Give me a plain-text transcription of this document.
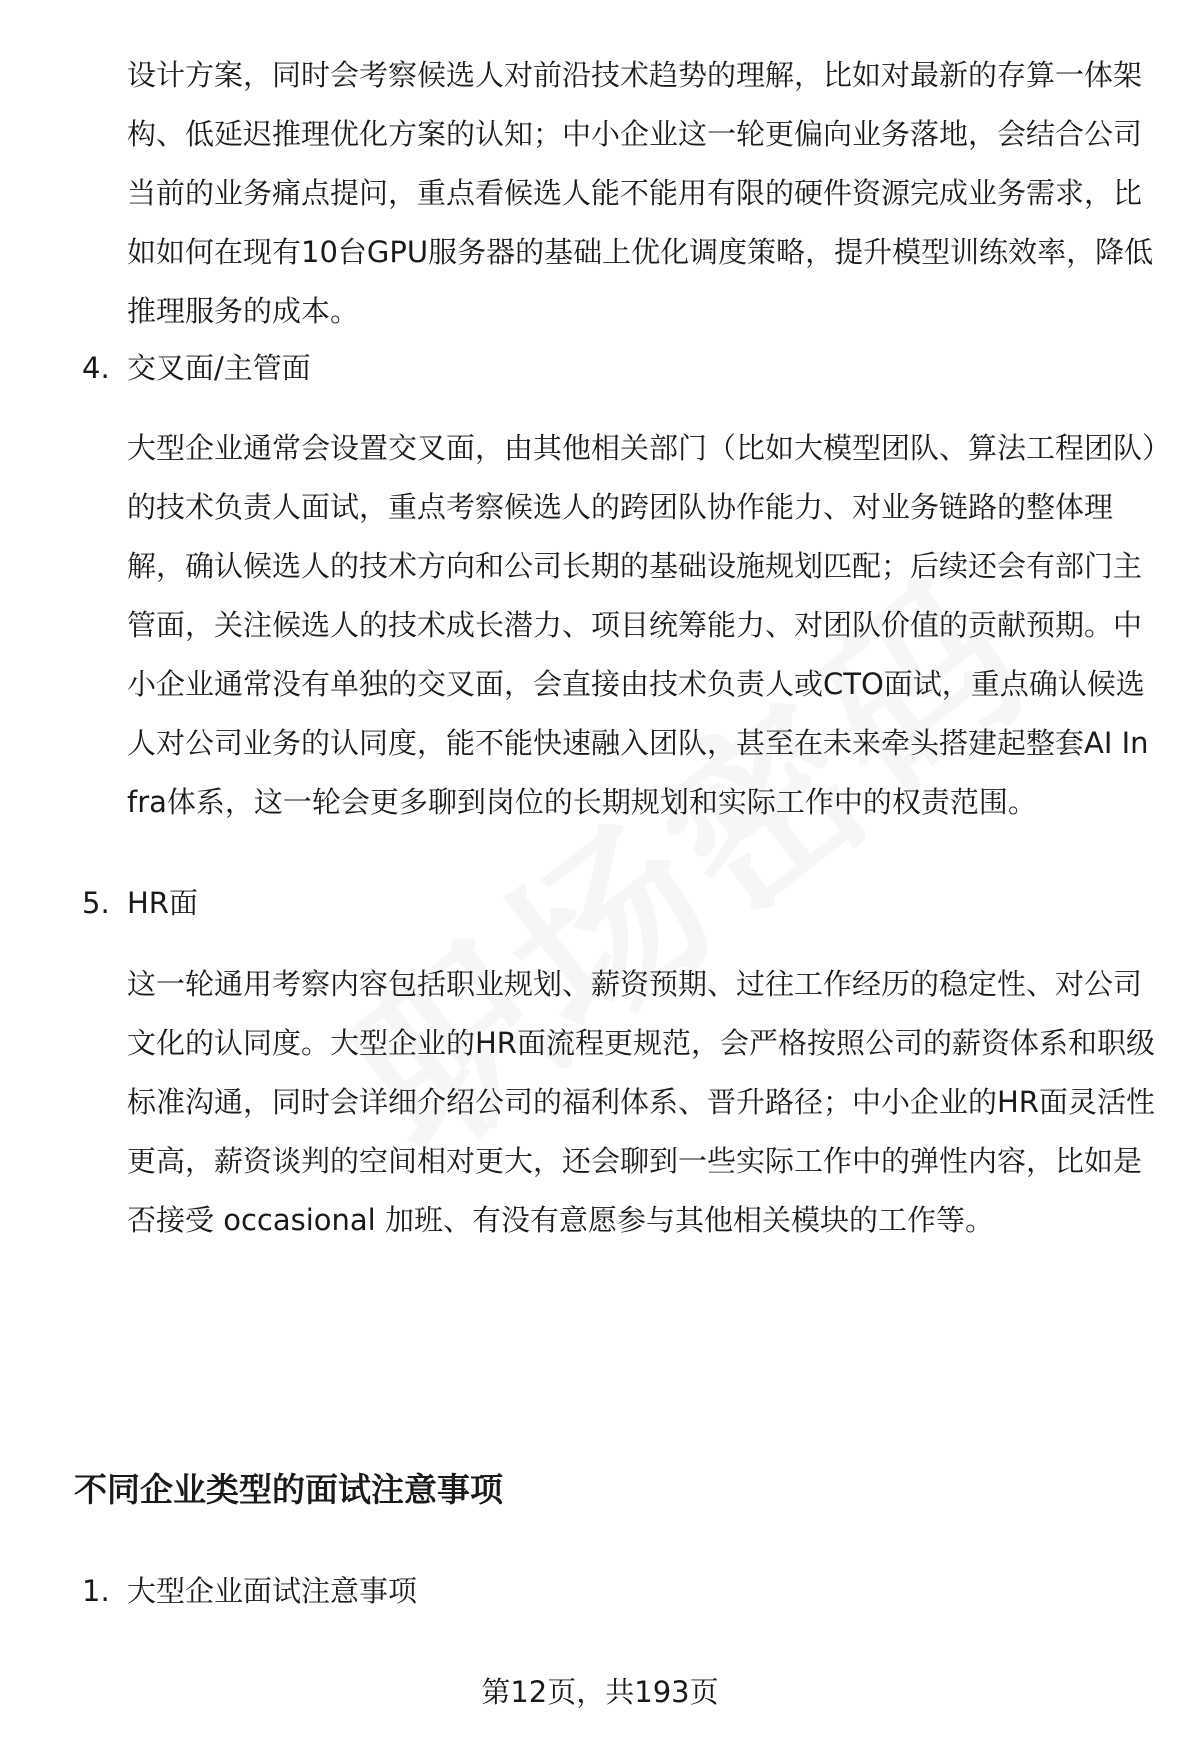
设计方案，同时会考察候选人对前沿技术趋势的理解，比如对最新的存算一体架构、低延迟推理优化方案的认知；中小企业这一轮更偏向业务落地，会结合公司当前的业务痛点提问，重点看候选人能不能用有限的硬件资源完成业务需求，比如如何在现有10台GPU服务器的基础上优化调度策略，提升模型训练效率，降低推理服务的成本。
4. 交叉面/主管面
大型企业通常会设置交叉面，由其他相关部门（比如大模型团队、算法工程团队）的技术负责人面试，重点考察候选人的跨团队协作能力、对业务链路的整体理解，确认候选人的技术方向和公司长期的基础设施规划匹配；后续还会有部门主管面，关注候选人的技术成长潜力、项目统筹能力、对团队价值的贡献预期。中小企业通常没有单独的交叉面，会直接由技术负责人或CTO面试，重点确认候选人对公司业务的认同度，能不能快速融入团队，甚至在未来牵头搭建起整套AI Infra体系，这一轮会更多聊到岗位的长期规划和实际工作中的权责范围。
5. HR面
这一轮通用考察内容包括职业规划、薪资预期、过往工作经历的稳定性、对公司文化的认同度。大型企业的HR面流程更规范，会严格按照公司的薪资体系和职级标准沟通，同时会详细介绍公司的福利体系、晋升路径；中小企业的HR面灵活性更高，薪资谈判的空间相对更大，还会聊到一些实际工作中的弹性内容，比如是否接受 occasional 加班、有没有意愿参与其他相关模块的工作等。
不同企业类型的面试注意事项
1. 大型企业面试注意事项
第12页，共193页
